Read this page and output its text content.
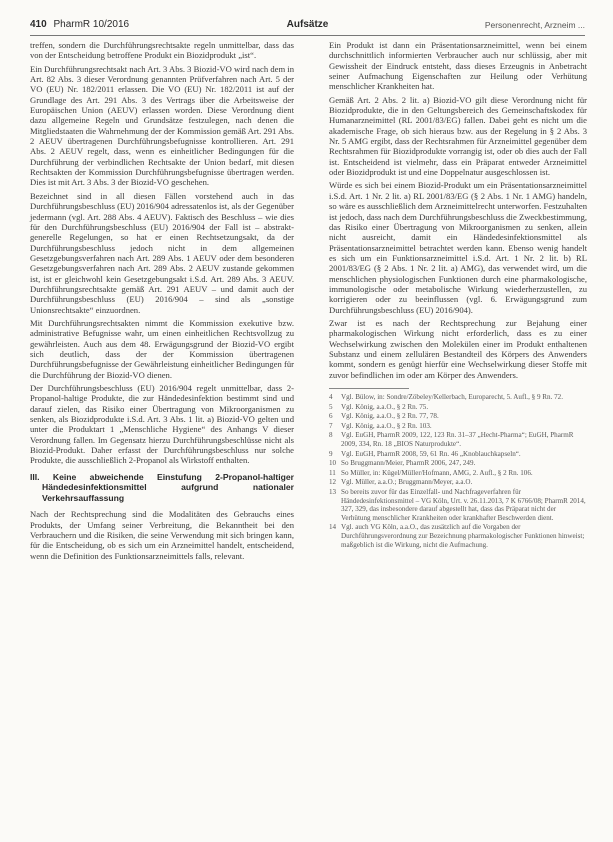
410 PharmR 10/2016	Aufsätze	Personenrecht, Arzneim ...

treffen, sondern die Durchführungsrechtsakte regeln unmittelbar, dass das von der Entscheidung betroffene Produkt ein Biozidprodukt „ist“.

Ein Durchführungsrechtsakt nach Art. 3 Abs. 3 Biozid-VO wird nach dem in Art. 82 Abs. 3 dieser Verordnung genannten Prüfverfahren nach Art. 5 der VO (EU) Nr. 182/2011 erlassen. Die VO (EU) Nr. 182/2011 ist auf der Grundlage des Art. 291 Abs. 3 des Vertrags über die Arbeitsweise der Europäischen Union (AEUV) erlassen worden. Diese Verordnung dient dazu allgemeine Regeln und Grundsätze festzulegen, nach denen die Mitgliedstaaten die Wahrnehmung der der Kommission gemäß Art. 291 Abs. 2 AEUV übertragenen Durchführungsbefugnisse kontrollieren. Art. 291 Abs. 2 AEUV regelt, dass, wenn es einheitlicher Bedingungen für die Durchführung der verbindlichen Rechtsakte der Union bedarf, mit diesen Rechtsakten der Kommission Durchführungsbefugnisse übertragen werden. Dies ist mit Art. 3 Abs. 3 der Biozid-VO geschehen.

Bezeichnet sind in all diesen Fällen vorstehend auch in das Durchführungsbeschluss (EU) 2016/904 adressatenlos ist, als der Gegenüber jedermann (vgl. Art. 288 Abs. 4 AEUV). Faktisch des Beschluss – wie dies für den Durchführungsbeschluss (EU) 2016/904 der Fall ist – abstrakt-generelle Regelungen, so hat er einen Rechtsetzungsakt, da der Durchführungsbeschluss jedoch nicht in dem allgemeinen Gesetzgebungsverfahren nach Art. 289 Abs. 1 AEUV oder dem besonderen Gesetzgebungsverfahren nach Art. 289 Abs. 2 AEUV zustande gekommen ist, ist er gleichwohl kein Gesetzgebungsakt i.S.d. Art. 289 Abs. 3 AEUV. Durchführungsrechtsakte gemäß Art. 291 AEUV – und damit auch der Durchführungsbeschluss (EU) 2016/904 – sind als „sonstige Unionsrechtsakte“ einzuordnen.

Mit Durchführungsrechtsakten nimmt die Kommission exekutive bzw. administrative Befugnisse wahr, um einen einheitlichen Rechtsvollzug zu gewährleisten. Auch aus dem 48. Erwägungsgrund der Biozid-VO ergibt sich deutlich, dass der der Kommission übertragenen Durchführungsbefugnisse der Gewährleistung einheitlicher Bedingungen für die Durchführung der Biozid-VO dienen.

Der Durchführungsbeschluss (EU) 2016/904 regelt unmittelbar, dass 2-Propanol-haltige Produkte, die zur Händedesinfektion bestimmt sind und darauf zielen, das Risiko einer Übertragung von Mikroorganismen zu senken, als Biozidprodukte i.S.d. Art. 3 Abs. 1 lit. a) Biozid-VO gelten und unter die Produktart 1 „Menschliche Hygiene“ des Anhangs V dieser Verordnung fallen. Im Gegensatz hierzu Durchführungsbeschlüsse nicht als Biozid-Produkt. Daher erfasst der Durchführungsbeschluss nur solche Produkte, die ausschließlich 2-Propanol als Wirkstoff enthalten.

III. Keine abweichende Einstufung 2-Propanol-haltiger Händedesinfektionsmittel aufgrund nationaler Verkehrsauffassung

Nach der Rechtsprechung sind die Modalitäten des Gebrauchs eines Produkts, der Umfang seiner Verbreitung, die Bekanntheit bei den Verbrauchern und die Risiken, die seine Verwendung mit sich bringen kann, für die Entscheidung, ob es sich um ein Arzneimittel handelt, entscheidend, wenn die Definition des Funktionsarzneimittels falls, relevant.

Ein Produkt ist dann ein Präsentationsarzneimittel, wenn bei einem durchschnittlich informierten Verbraucher auch nur schlüssig, aber mit Gewissheit der Eindruck entsteht, dass dieses Erzeugnis in Anbetracht seiner Aufmachung Eigenschaften zur Heilung oder Verhütung menschlicher Krankheiten hat.

Gemäß Art. 2 Abs. 2 lit. a) Biozid-VO gilt diese Verordnung nicht für Biozidprodukte, die in den Geltungsbereich des Gemeinschaftskodex für Humanarzneimittel (RL 2001/83/EG) fallen. Dabei geht es nicht um die akademische Frage, ob sich hieraus bzw. aus der Regelung in § 2 Abs. 3 Nr. 5 AMG ergibt, dass der Rechtsrahmen für Arzneimittel gegenüber dem Rechtsrahmen für Biozidprodukte vorrangig ist, oder ob dies auch der Fall ist. Entscheidend ist vielmehr, dass ein Präparat entweder Arzneimittel oder Biozidprodukt ist und eine Doppelnatur ausgeschlossen ist.

Würde es sich bei einem Biozid-Produkt um ein Präsentationsarzneimittel i.S.d. Art. 1 Nr. 2 lit. a) RL 2001/83/EG (§ 2 Abs. 1 Nr. 1 AMG) handeln, so wäre es ausschließlich dem Arzneimittelrecht unterworfen. Festzuhalten ist jedoch, dass nach dem Durchführungsbeschluss die Zweckbestimmung, das Risiko einer Übertragung von Mikroorganismen zu senken, allein nicht ausreicht, damit ein Händedesinfektionsmittel als Präsentationsarzneimittel betrachtet werden kann. Ebenso wenig handelt es sich um ein Funktionsarzneimittel i.S.d. Art. 1 Nr. 2 lit. b) RL 2001/83/EG (§ 2 Abs. 1 Nr. 2 lit. a) AMG), das verwendet wird, um die menschlichen physiologischen Funktionen durch eine pharmakologische, immunologische oder metabolische Wirkung wiederherzustellen, zu korrigieren oder zu beeinflussen (vgl. 6. Erwägungsgrund zum Durchführungsbeschluss (EU) 2016/904).

Zwar ist es nach der Rechtsprechung zur Bejahung einer pharmakologischen Wirkung nicht erforderlich, dass es zu einer Wechselwirkung zwischen den Molekülen einer im Produkt enthaltenen Substanz und einem zellulären Bestandteil des Körpers des Anwenders kommt, sondern es genügt hierfür eine Wechselwirkung dieser Stoffe mit zuvor befindlichen im oder am Körper des Anwenders.

4	Vgl. Bülow, in: Sondre/Zöbeley/Kellerbach, Europarecht, 5. Aufl., § 9 Rn. 72.
5	Vgl. König, a.a.O., § 2 Rn. 75.
6	Vgl. König, a.a.O., § 2 Rn. 77, 78.
7	Vgl. König, a.a.O., § 2 Rn. 103.
8	Vgl. EuGH, PharmR 2009, 122, 123 Rn. 31–37 „Hecht-Pharma“; EuGH, PharmR 2009, 334, Rn. 18 „BIOS Naturprodukte“.
9	Vgl. EuGH, PharmR 2008, 59, 61 Rn. 46 „Knoblauchkapseln“.
10 So Bruggmann/Meier, PharmR 2006, 247, 249.
11 So Müller, in: Kügel/Müller/Hofmann, AMG, 2. Aufl., § 2 Rn. 106.
12 Vgl. Müller, a.a.O.; Bruggmann/Meyer, a.a.O.
13 So bereits zuvor für das Einzelfall- und Nachfrageverfahren für Händedesinfektionsmittel – VG Köln, Urt. v. 26.11.2013, 7 K 6766/08; PharmR 2014, 327, 329, das insbesondere darauf abgestellt hat, dass das Präparat nicht der Verhütung menschlicher Krankheiten oder krankhafter Beschwerden dient.
14 Vgl. auch VG Köln, a.a.O., das zusätzlich auf die Vorgaben der Durchführungsverordnung zur Bezeichnung pharmakologischer Funktionen hinweist; maßgeblich ist die Wirkung, nicht die Aufmachung.
